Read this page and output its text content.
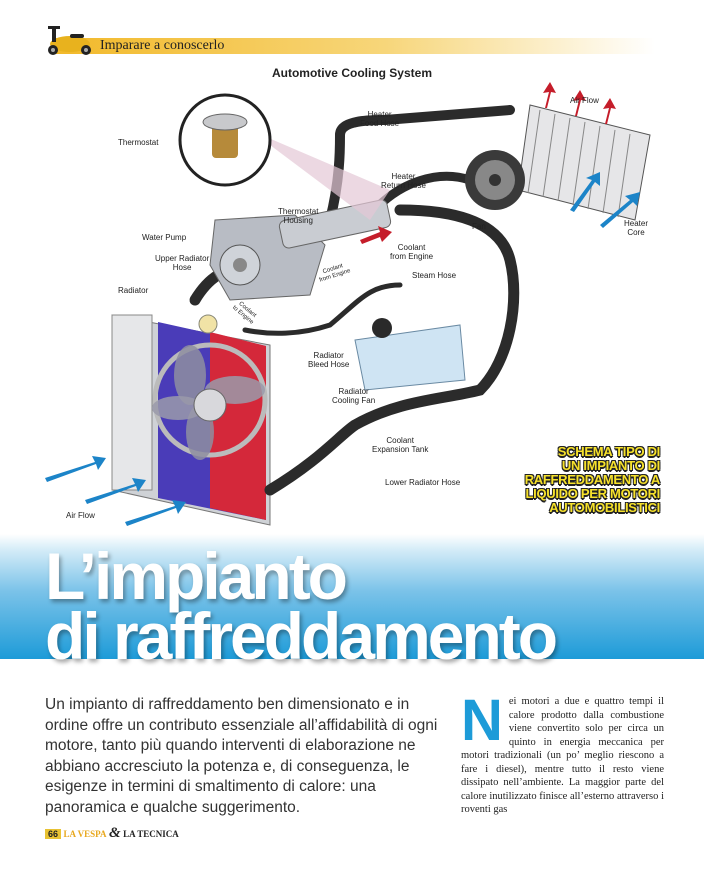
Imparare a conoscerlo
Automotive Cooling System
Thermostat
Heater
Food Hose
Air Flow
Heater
Return Hose
Thermostat
Housing
Fan	Heater
Core
Water Pump
Coolant
from Engine
Upper Radiator
Hose	Coolant
from Engine	Steam Hose
Radiator
Coolant
to Engine
Radiator
Bleed Hose
Radiator
Cooling Fan
Coolant
Expansion Tank
Lower Radiator Hose
Air Flow
SCHEMA TIPO DI
UN IMPIANTO DI
RAFFREDDAMENTO A
LIQUIDO PER MOTORI
AUTOMOBILISTICI
L’impianto
di raffreddamento
Un impianto di raffreddamento ben dimensionato e in ordine offre un contributo essenziale all’affidabilità di ogni motore, tanto più quando interventi di elaborazione ne abbiano accresciuto la potenza e, di conseguenza, le esigenze in termini di smaltimento di calore: una panoramica e qualche suggerimento.
N ei motori a due e quattro tempi il calore prodotto dalla combustione viene convertito solo per circa un quinto in energia meccanica per motori tradizionali (un po’ meglio riescono a fare i diesel), mentre tutto il resto viene dissipato nell’ambiente. La maggior parte del calore inutilizzato finisce all’esterno attraverso i roventi gas
66 LA VESPA & LA TECNICA
